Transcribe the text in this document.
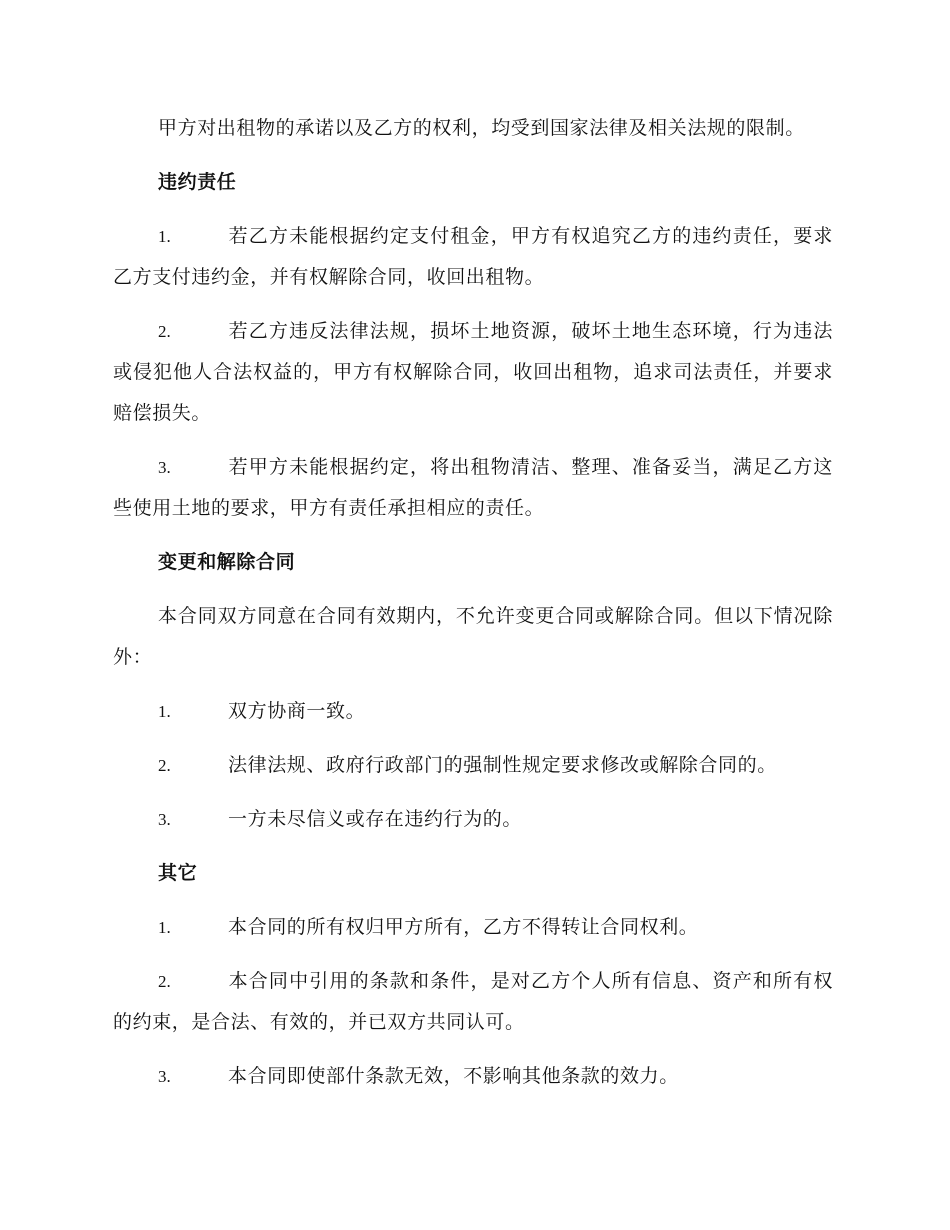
甲方对出租物的承诺以及乙方的权利，均受到国家法律及相关法规的限制。

违约责任
1.	若乙方未能根据约定支付租金，甲方有权追究乙方的违约责任，要求乙方支付违约金，并有权解除合同，收回出租物。
2.	若乙方违反法律法规，损坏土地资源，破坏土地生态环境，行为违法或侵犯他人合法权益的，甲方有权解除合同，收回出租物，追求司法责任，并要求赔偿损失。
3.	若甲方未能根据约定，将出租物清洁、整理、准备妥当，满足乙方这些使用土地的要求，甲方有责任承担相应的责任。
变更和解除合同

本合同双方同意在合同有效期内，不允许变更合同或解除合同。但以下情况除外：

1.	双方协商一致。
2.	法律法规、政府行政部门的强制性规定要求修改或解除合同的。
3.	一方未尽信义或存在违约行为的。
其它
1.	本合同的所有权归甲方所有，乙方不得转让合同权利。
2.	本合同中引用的条款和条件，是对乙方个人所有信息、资产和所有权的约束，是合法、有效的，并已双方共同认可。
3.	本合同即使部什条款无效，不影响其他条款的效力。
